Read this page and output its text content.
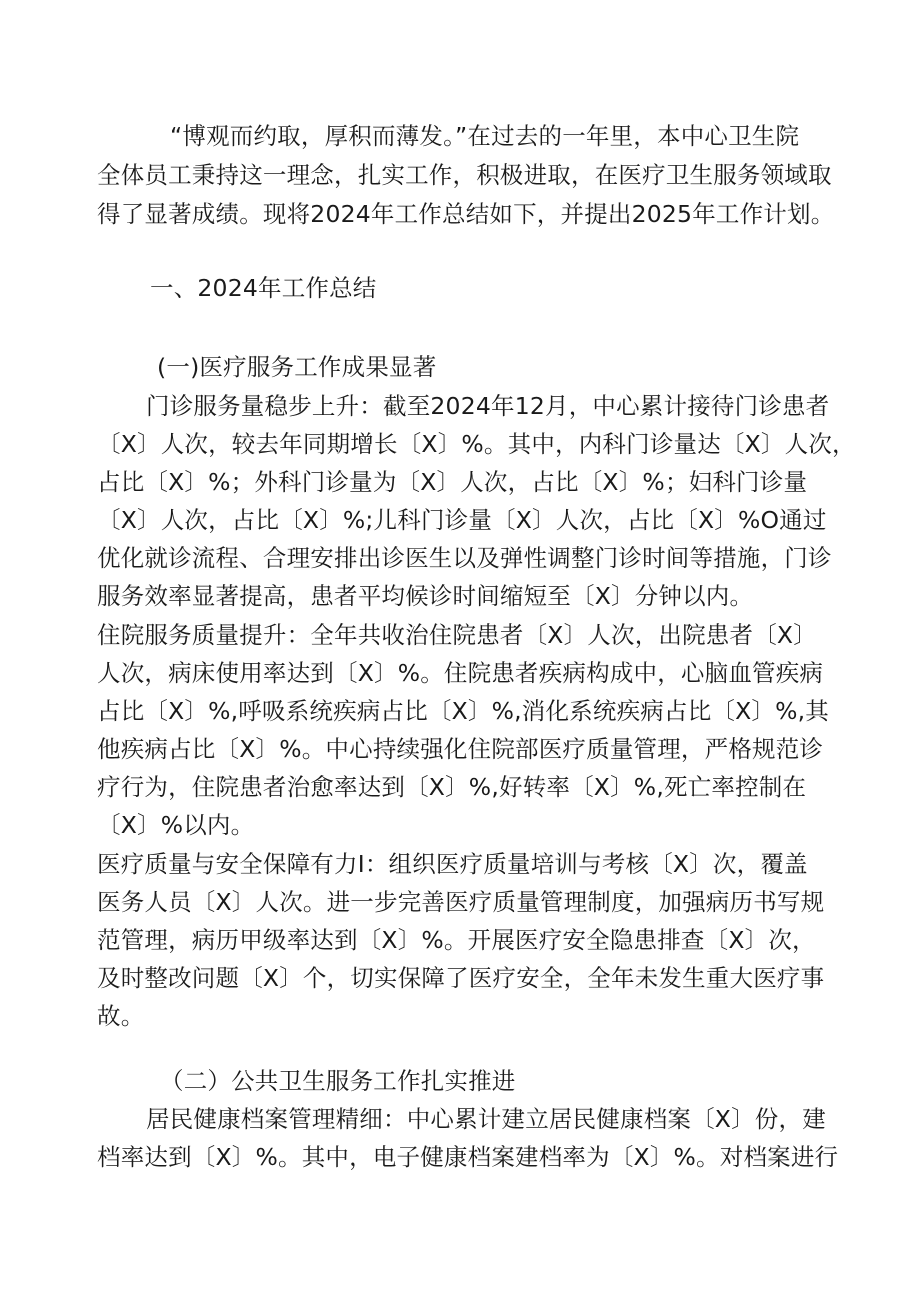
“博观而约取，厚积而薄发。”在过去的一年里，本中心卫生院
全体员工秉持这一理念，扎实工作，积极进取，在医疗卫生服务领域取
得了显著成绩。现将2024年工作总结如下，并提出2025年工作计划。
一、2024年工作总结
(一)医疗服务工作成果显著
门诊服务量稳步上升：截至2024年12月，中心累计接待门诊患者
〔X〕人次，较去年同期增长〔X〕%。其中，内科门诊量达〔X〕人次，
占比〔X〕%；外科门诊量为〔X〕人次，占比〔X〕%；妇科门诊量
〔X〕人次，占比〔X〕%;儿科门诊量〔X〕人次，占比〔X〕%O通过
优化就诊流程、合理安排出诊医生以及弹性调整门诊时间等措施，门诊
服务效率显著提高，患者平均候诊时间缩短至〔X〕分钟以内。
住院服务质量提升：全年共收治住院患者〔X〕人次，出院患者〔X〕
人次，病床使用率达到〔X〕%。住院患者疾病构成中，心脑血管疾病
占比〔X〕%,呼吸系统疾病占比〔X〕%,消化系统疾病占比〔X〕%,其
他疾病占比〔X〕%。中心持续强化住院部医疗质量管理，严格规范诊
疗行为，住院患者治愈率达到〔X〕%,好转率〔X〕%,死亡率控制在
〔X〕%以内。
医疗质量与安全保障有力I：组织医疗质量培训与考核〔X〕次，覆盖
医务人员〔X〕人次。进一步完善医疗质量管理制度，加强病历书写规
范管理，病历甲级率达到〔X〕%。开展医疗安全隐患排查〔X〕次，
及时整改问题〔X〕个，切实保障了医疗安全，全年未发生重大医疗事
故。
（二）公共卫生服务工作扎实推进
居民健康档案管理精细：中心累计建立居民健康档案〔X〕份，建
档率达到〔X〕%。其中，电子健康档案建档率为〔X〕%。对档案进行
